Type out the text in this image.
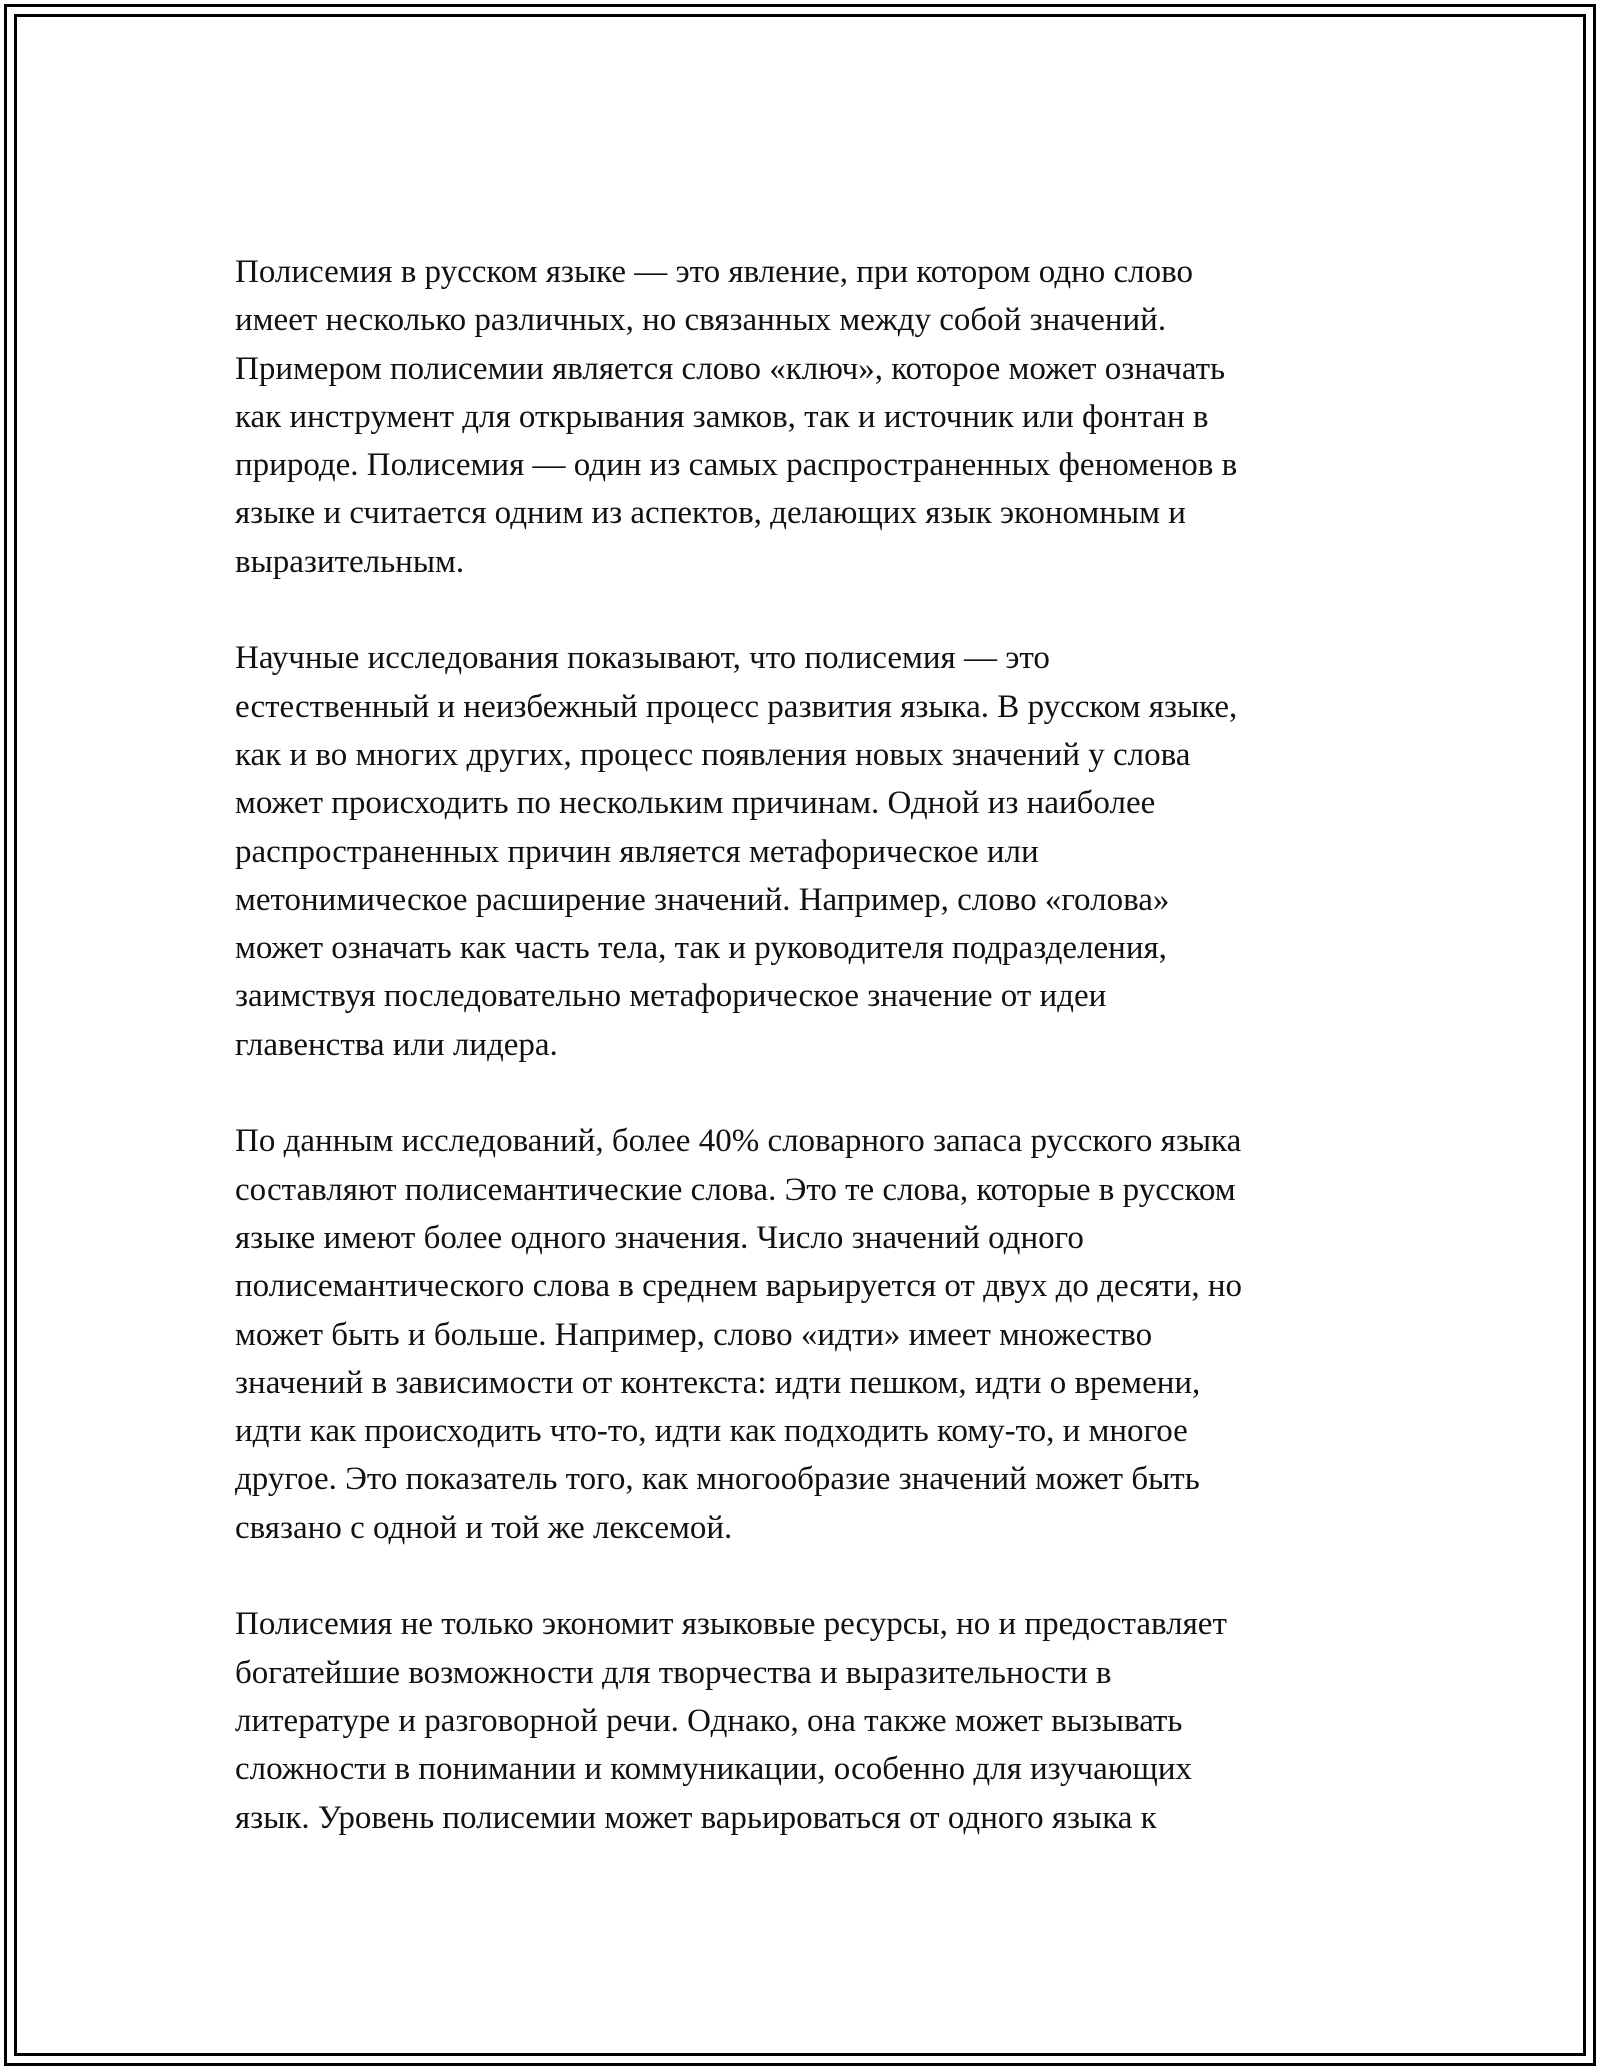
Полисемия в русском языке — это явление, при котором одно слово
имеет несколько различных, но связанных между собой значений.
Примером полисемии является слово «ключ», которое может означать
как инструмент для открывания замков, так и источник или фонтан в
природе. Полисемия — один из самых распространенных феноменов в
языке и считается одним из аспектов, делающих язык экономным и
выразительным.
Научные исследования показывают, что полисемия — это
естественный и неизбежный процесс развития языка. В русском языке,
как и во многих других, процесс появления новых значений у слова
может происходить по нескольким причинам. Одной из наиболее
распространенных причин является метафорическое или
метонимическое расширение значений. Например, слово «голова»
может означать как часть тела, так и руководителя подразделения,
заимствуя последовательно метафорическое значение от идеи
главенства или лидера.
По данным исследований, более 40% словарного запаса русского языка
составляют полисемантические слова. Это те слова, которые в русском
языке имеют более одного значения. Число значений одного
полисемантического слова в среднем варьируется от двух до десяти, но
может быть и больше. Например, слово «идти» имеет множество
значений в зависимости от контекста: идти пешком, идти о времени,
идти как происходить что-то, идти как подходить кому-то, и многое
другое. Это показатель того, как многообразие значений может быть
связано с одной и той же лексемой.
Полисемия не только экономит языковые ресурсы, но и предоставляет
богатейшие возможности для творчества и выразительности в
литературе и разговорной речи. Однако, она также может вызывать
сложности в понимании и коммуникации, особенно для изучающих
язык. Уровень полисемии может варьироваться от одного языка к
